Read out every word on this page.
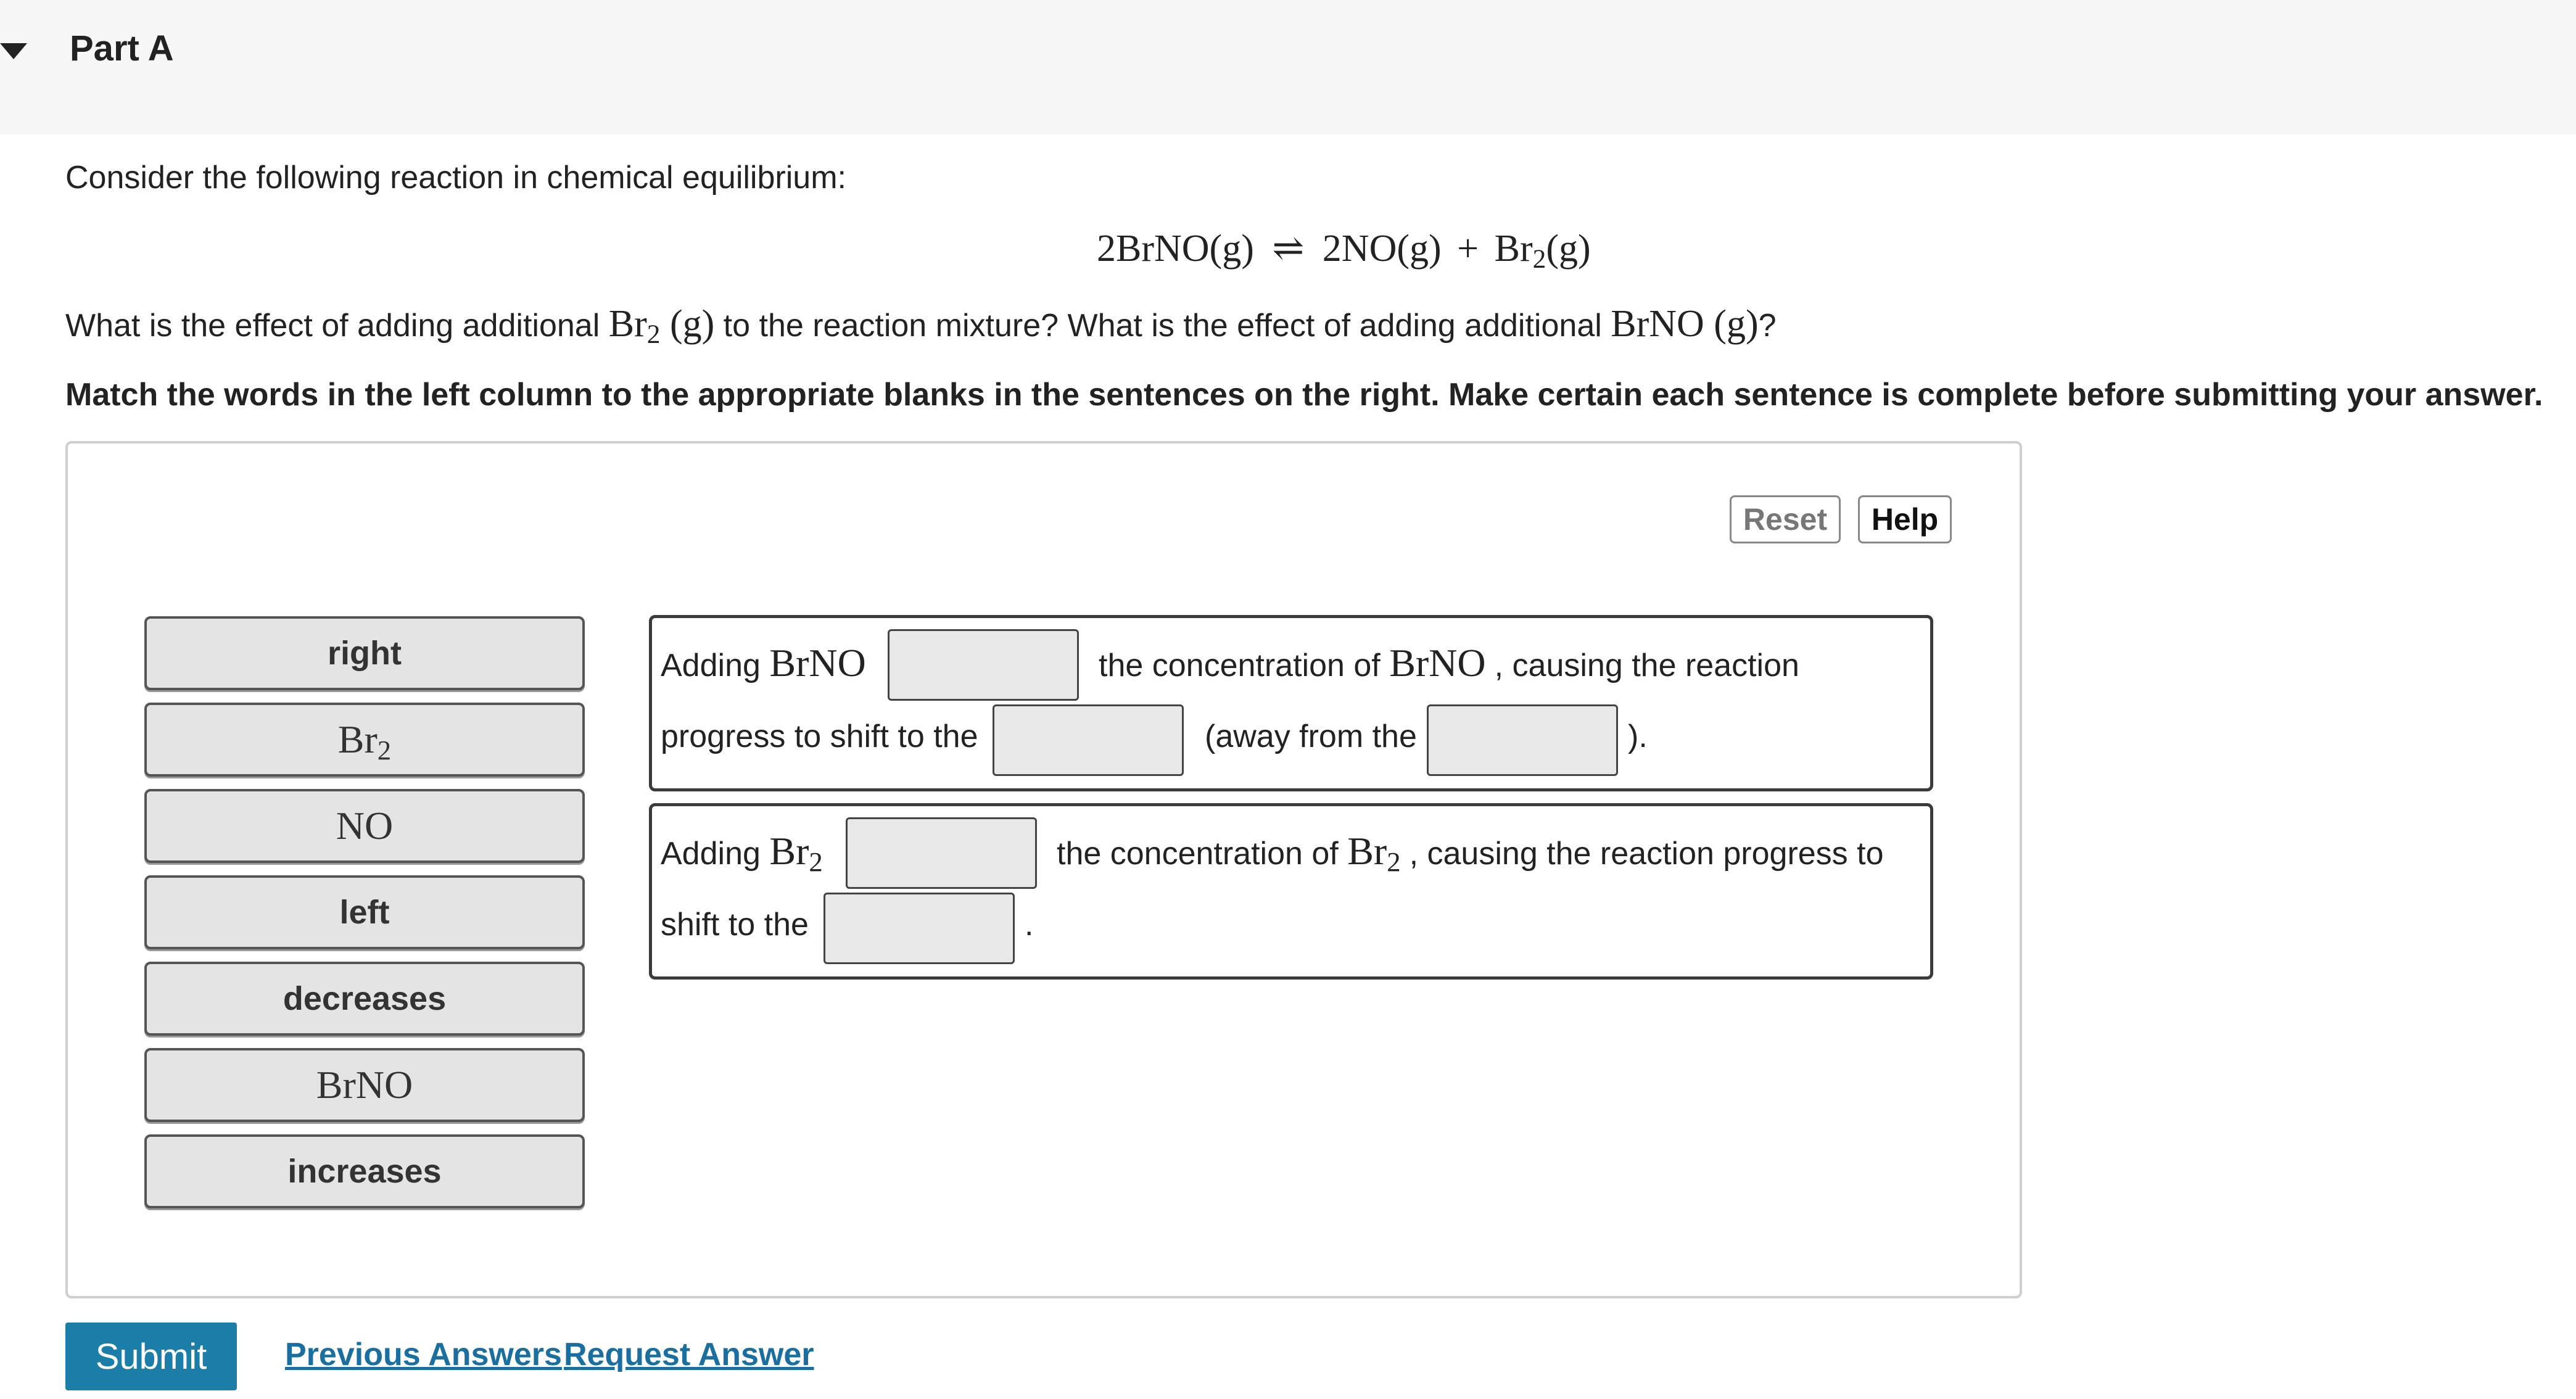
Part A
Consider the following reaction in chemical equilibrium:
2BrNO(g) ⇌ $2NO(g) + Br_2(g)$
What is the effect of adding additional $Br_2$ (g) to the reaction mixture? What is the effect of adding additional BrNO (g)?
Match the words in the left column to the appropriate blanks in the sentences on the right. Make certain each sentence is complete before submitting your answer.
Reset	Help
right
$Br_2$
NO
left
decreases
BrNO
increases
Adding BrNO	the concentration of BrNO , causing the reaction
progress to shift to the	(away from the	).
Adding $Br_2$	the concentration of $Br_2$ , causing the reaction progress to
shift to the	.
Submit	Previous Answers Request Answer
